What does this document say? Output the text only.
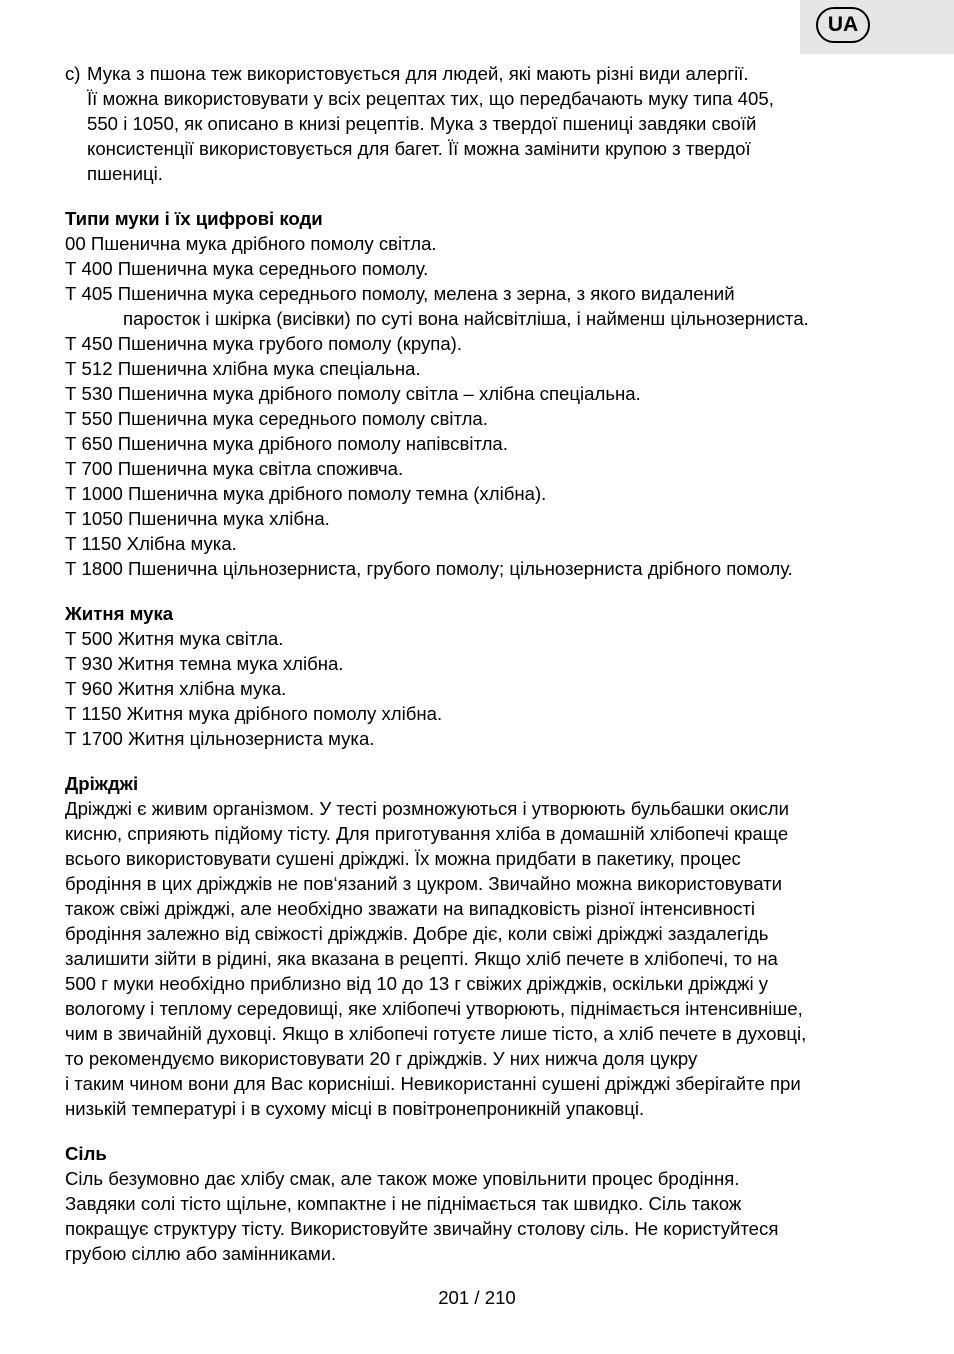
UA
c) Мука з пшона теж використовується для людей, які мають різні види алергії.
Її можна використовувати у всіх рецептах тих, що передбачають муку типа 405,
550 і 1050, як описано в книзі рецептів. Мука з твердої пшениці завдяки своїй
консистенції використовується для багет. Її можна замінити крупою з твердої
пшениці.
Типи муки і їх цифрові коди
00 Пшенична мука дрібного помолу світла.
Т 400 Пшенична мука середнього помолу.
Т 405 Пшенична мука середнього помолу, мелена з зерна, з якого видалений
паросток і шкірка (висівки) по суті вона найсвітліша, і найменш цільнозерниста.
Т 450 Пшенична мука грубого помолу (крупа).
Т 512 Пшенична хлібна мука спеціальна.
Т 530 Пшенична мука дрібного помолу світла – хлібна спеціальна.
Т 550 Пшенична мука середнього помолу світла.
Т 650 Пшенична мука дрібного помолу напівсвітла.
Т 700 Пшенична мука світла споживча.
Т 1000 Пшенична мука дрібного помолу темна (хлібна).
Т 1050 Пшенична мука хлібна.
Т 1150 Хлібна мука.
Т 1800 Пшенична цільнозерниста, грубого помолу; цільнозерниста дрібного помолу.
Житня мука
Т 500 Житня мука світла.
Т 930 Житня темна мука хлібна.
Т 960 Житня хлібна мука.
Т 1150 Житня мука дрібного помолу хлібна.
Т 1700 Житня цільнозерниста мука.
Дріжджі
Дріжджі є живим організмом. У тесті розмножуються і утворюють бульбашки окисли
кисню, сприяють підйому тісту. Для приготування хліба в домашній хлібопечі краще
всього використовувати сушені дріжджі. Їх можна придбати в пакетику, процес
бродіння в цих дріжджів не пов‘язаний з цукром. Звичайно можна використовувати
також свіжі дріжджі, але необхідно зважати на випадковість різної інтенсивності
бродіння залежно від свіжості дріжджів. Добре діє, коли свіжі дріжджі заздалегідь
залишити зійти в рідині, яка вказана в рецепті. Якщо хліб печете в хлібопечі, то на
500 г муки необхідно приблизно від 10 до 13 г свіжих дріжджів, оскільки дріжджі у
вологому і теплому середовищі, яке хлібопечі утворюють, піднімається інтенсивніше,
чим в звичайній духовці. Якщо в хлібопечі готуєте лише тісто, а хліб печете в духовці,
то рекомендуємо використовувати 20 г дріжджів. У них нижча доля цукру
і таким чином вони для Вас корисніші. Невикористанні сушені дріжджі зберігайте при
низькій температурі і в сухому місці в повітронепроникній упаковці.
Сіль
Сіль безумовно дає хлібу смак, але також може уповільнити процес бродіння.
Завдяки солі тісто щільне, компактне і не піднімається так швидко. Сіль також
покращує структуру тісту. Використовуйте звичайну столову сіль. Не користуйтеся
грубою сіллю або замінниками.
201 / 210
